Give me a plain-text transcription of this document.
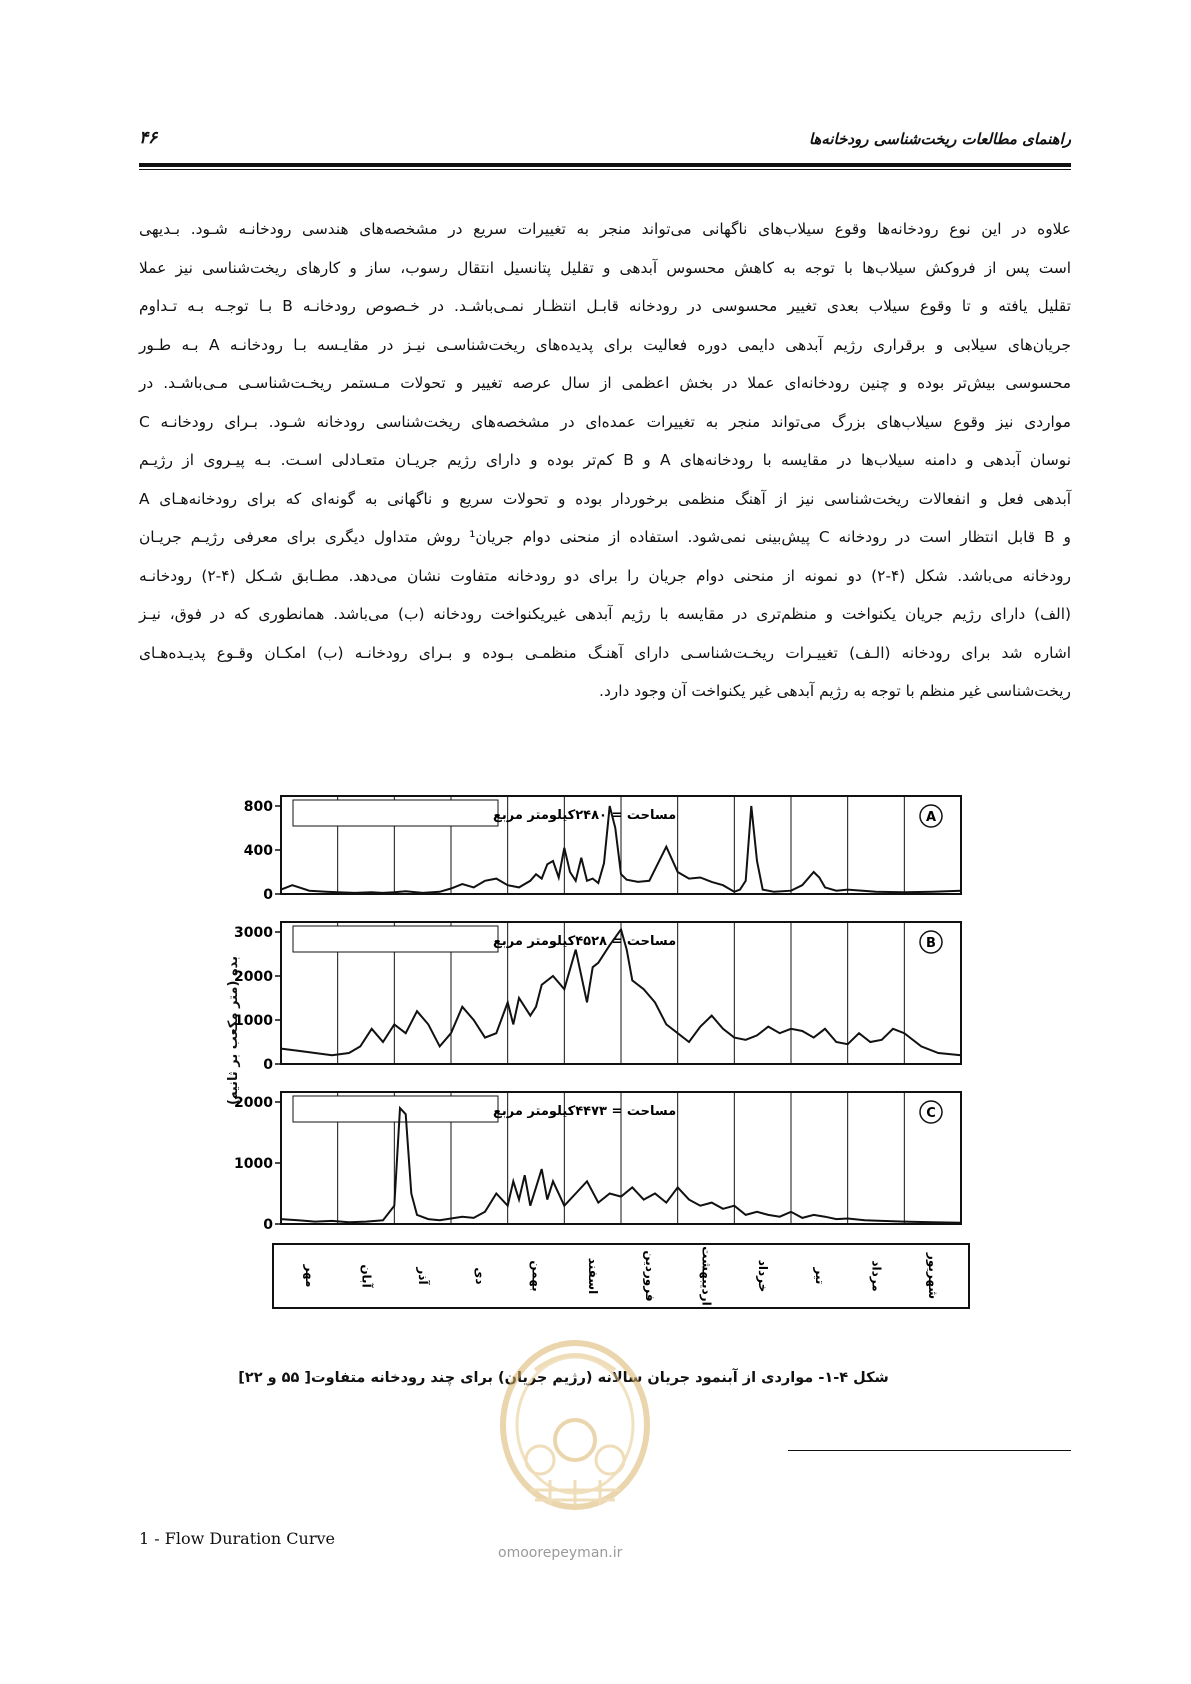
راهنمای مطالعات ریخت‌شناسی رودخانه‌ها
۴۶
علاوه در این نوع رودخانه‌ها وقوع سیلاب‌های ناگهانی می‌تواند منجر به تغییرات سریع در مشخصه‌های هندسی رودخانـه شـود. بـدیهی
است پس از فروکش سیلاب‌ها با توجه به کاهش محسوس آبدهی و تقلیل پتانسیل انتقال رسوب، ساز و کارهای ریخت‌شناسی نیز عملا
تقلیل یافته و تا وقوع سیلاب بعدی تغییر محسوسی در رودخانه قابـل انتظـار نمـی‌باشـد. در خـصوص رودخانـه B بـا توجـه بـه تـداوم
جریان‌های سیلابی و برقراری رژیم آبدهی دایمی دوره فعالیت برای پدیده‌های ریخت‌شناسـی نیـز در مقایـسه بـا رودخانـه A بـه طـور
محسوسی بیش‌تر بوده و چنین رودخانه‌ای عملا در بخش اعظمی از سال عرصه تغییر و تحولات مـستمر ریخـت‌شناسـی مـی‌باشـد. در
مواردی نیز وقوع سیلاب‌های بزرگ می‌تواند منجر به تغییرات عمده‌ای در مشخصه‌های ریخت‌شناسی رودخانه شـود. بـرای رودخانـه C
نوسان آبدهی و دامنه سیلاب‌ها در مقایسه با رودخانه‌های A و B کم‌تر بوده و دارای رژیم جریـان متعـادلی اسـت. بـه پیـروی از رژیـم
آبدهی فعل و انفعالات ریخت‌شناسی نیز از آهنگ منظمی برخوردار بوده و تحولات سریع و ناگهانی به گونه‌ای که برای رودخانه‌هـای A
و B قابل انتظار است در رودخانه C پیش‌بینی نمی‌شود. استفاده از منحنی دوام جریان¹ روش متداول دیگری برای معرفی رژیـم جریـان
رودخانه می‌باشد. شکل (۴-۲) دو نمونه از منحنی دوام جریان را برای دو رودخانه متفاوت نشان می‌دهد. مطـابق شـکل (۴-۲) رودخانـه
(الف) دارای رژیم جریان یکنواخت و منظم‌تری در مقایسه با رژیم آبدهی غیریکنواخت رودخانه (ب) می‌باشد. همانطوری که در فوق، نیـز
اشاره شد برای رودخانه (الـف) تغییـرات ریخـت‌شناسـی دارای آهنـگ منظمـی بـوده و بـرای رودخانـه (ب) امکـان وقـوع پدیـده‌هـای
ریخت‌شناسی غیر منظم با توجه به رژیم آبدهی غیر یکنواخت آن وجود دارد.
بده (متر مکعب بر ثانیه)
800
400
0
مساحت = ۲۴۸۰کیلومتر مربع	A
3000
2000
1000
0
مساحت = ۴۵۲۸کیلومتر مربع	B
2000
1000
0
مساحت = ۴۴۷۳کیلومتر مربع	C
مهر	آبان	آذر	دی	بهمن	اسفند	فروردین	اردیبهشت	خرداد	تیر	مرداد	شهریور
شکل ۴-۱- مواردی از آبنمود جریان سالانه (رژیم جریان) برای چند رودخانه متفاوت[ ۵۵ و ۲۲]
omoorepeyman.ir
1 - Flow Duration Curve
